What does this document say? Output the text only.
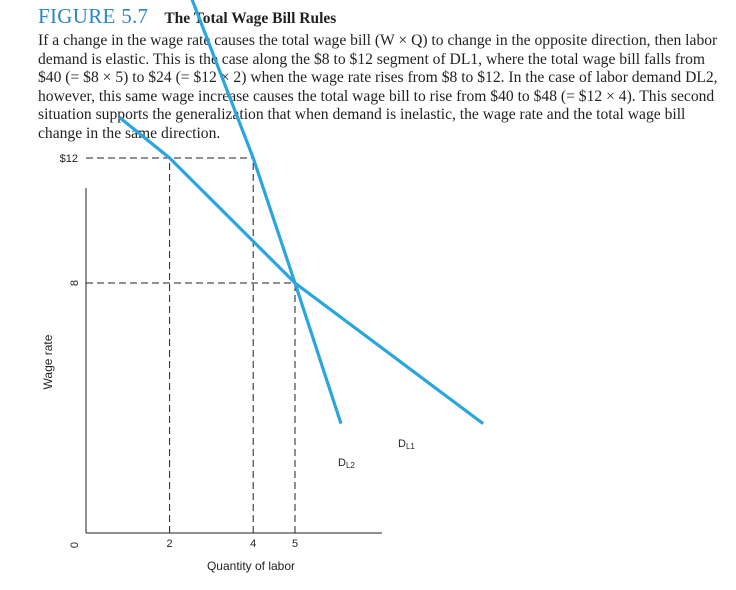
FIGURE 5.7 The Total Wage Bill Rules

If a change in the wage rate causes the total wage bill (W × Q) to change in the opposite direction, then labor demand is elastic. This is the case along the $8 to $12 segment of DL1, where the total wage bill falls from $40 (= $8 × 5) to $24 (= $12 × 2) when the wage rate rises from $8 to $12. In the case of labor demand DL2, however, this same wage increase causes the total wage bill to rise from $40 to $48 (= $12 × 4). This second situation supports the generalization that when demand is inelastic, the wage rate and the total wage bill change in the same direction.

DL1
DL2
2	4	5
8
$12
0
Quantity of labor
Wage rate
